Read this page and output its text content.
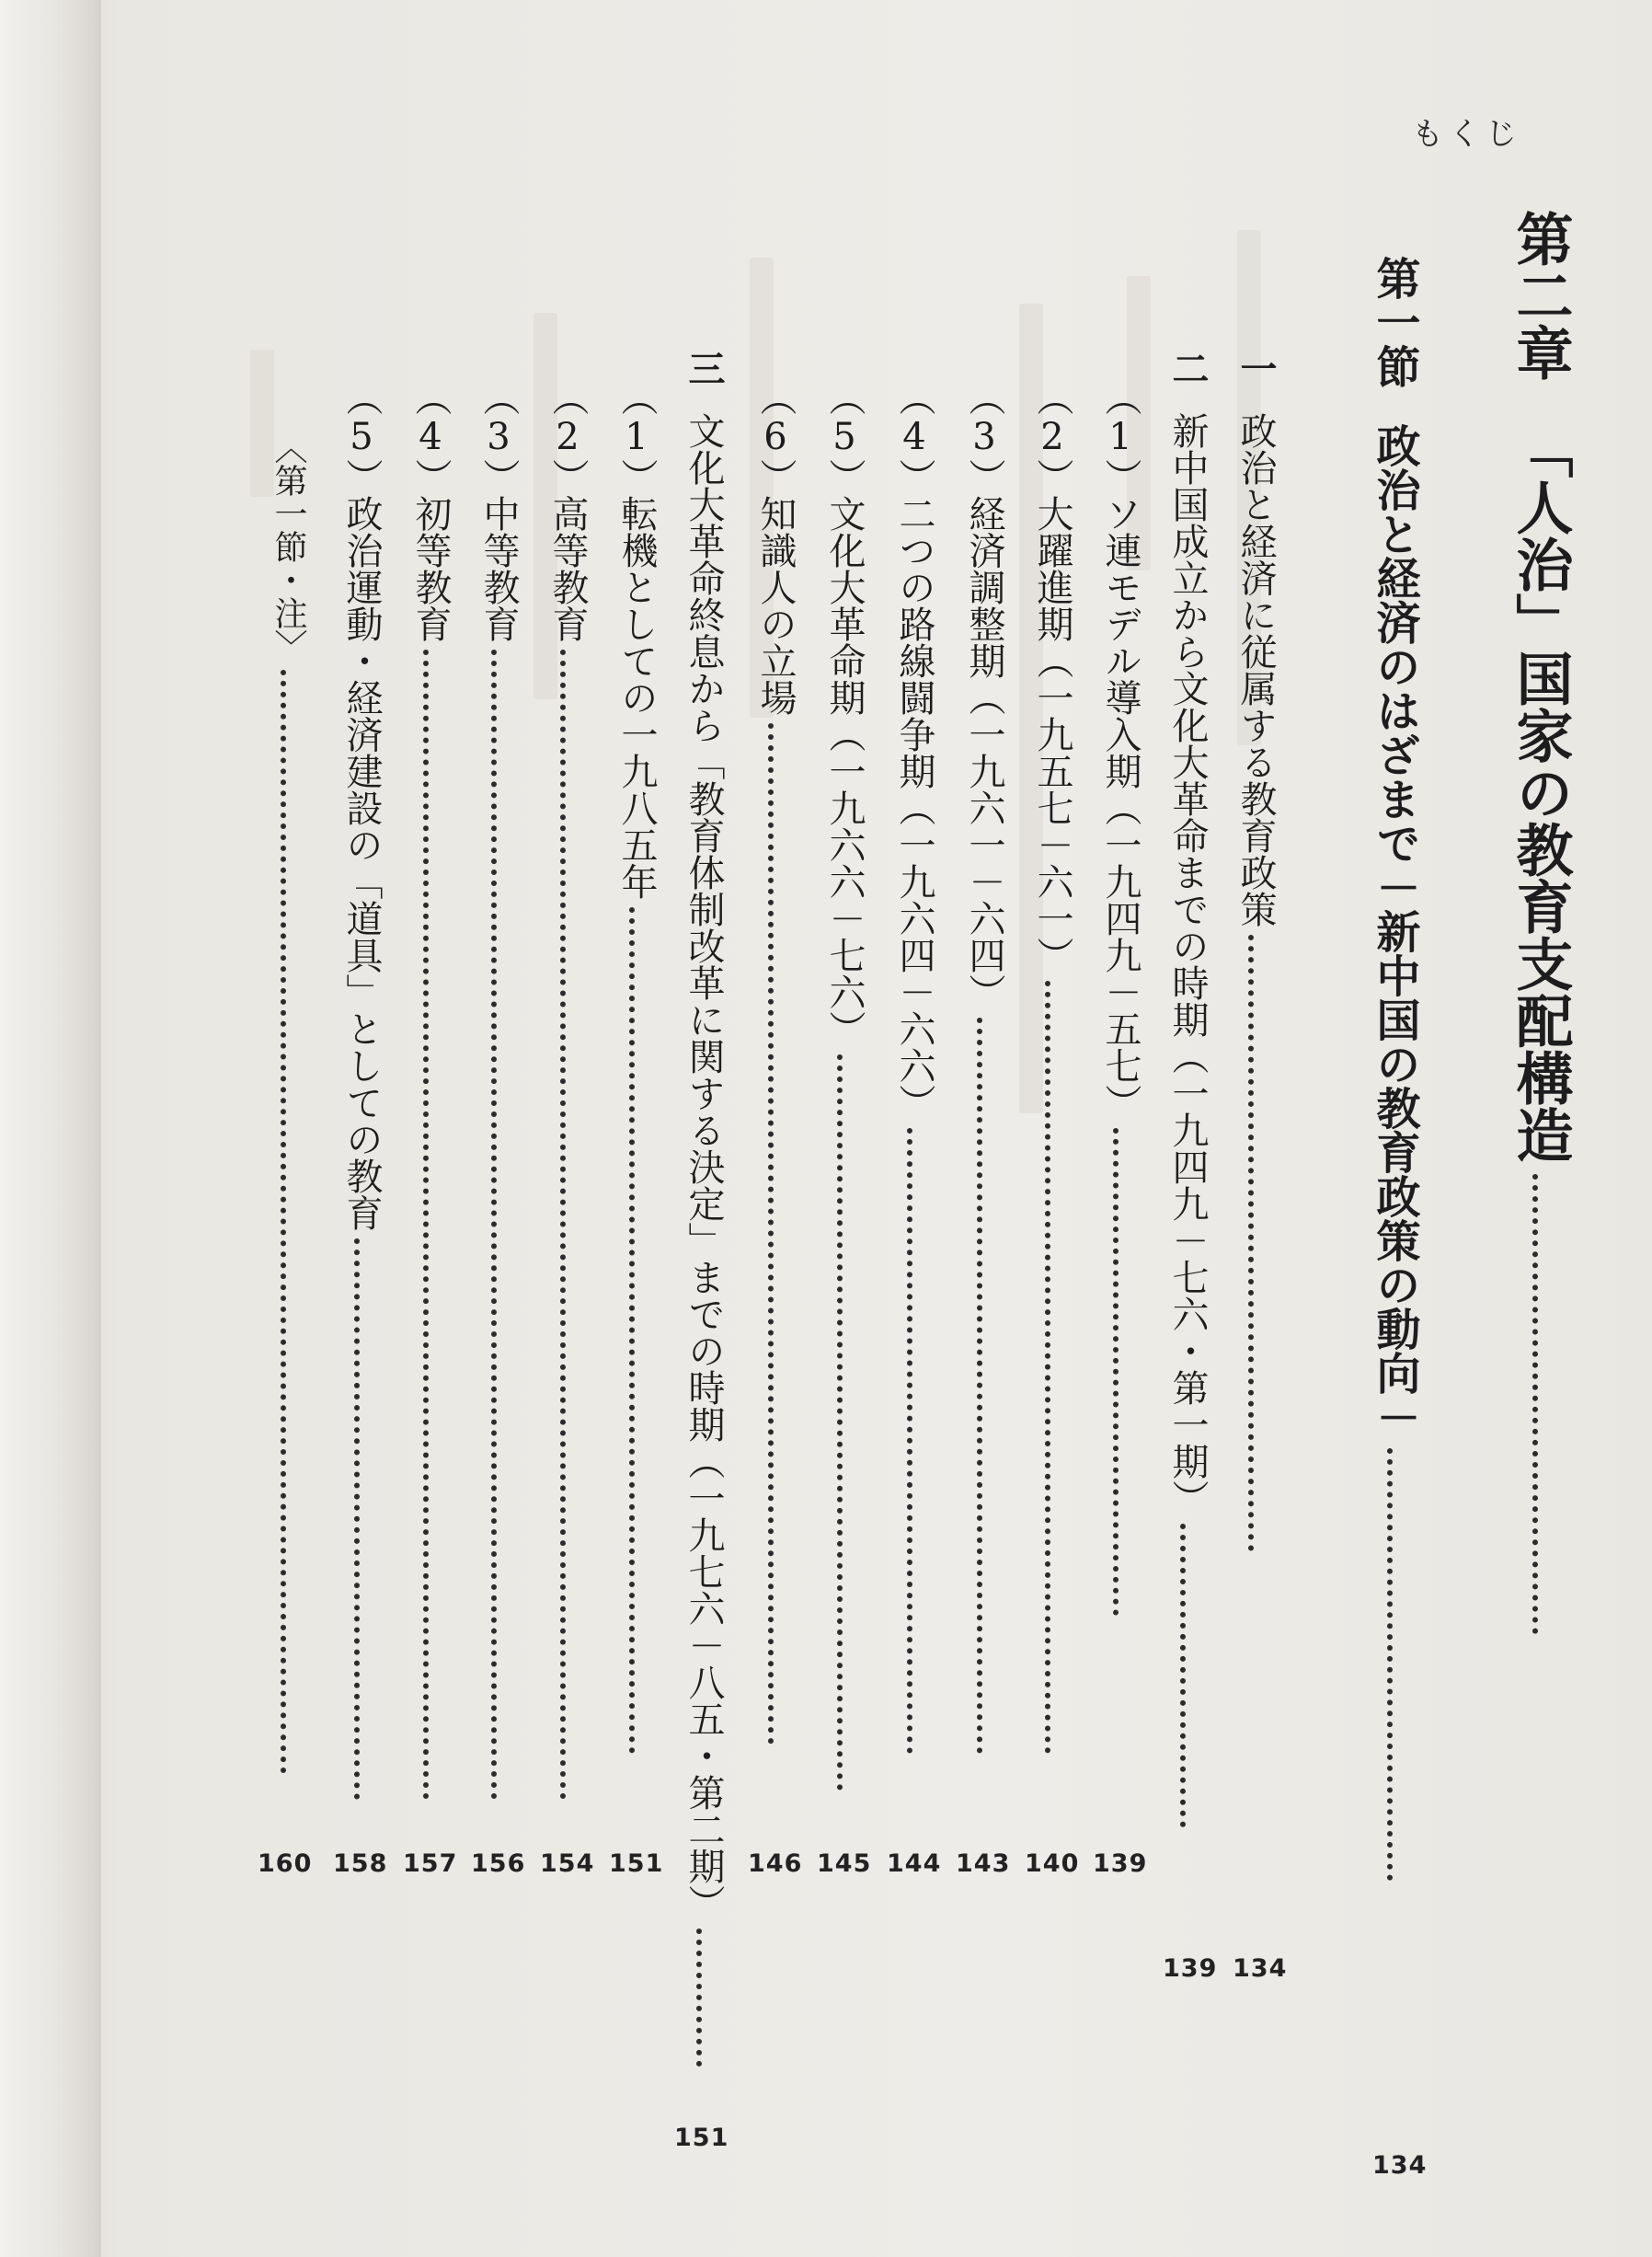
もくじ
第二章「人治」国家の教育支配構造
第一節政治と経済のはざまで－新中国の教育政策の動向－
134
一政治と経済に従属する教育政策
134
二新中国成立から文化大革命までの時期（一九四九－七六・第一期）
139
（1）ソ連モデル導入期（一九四九－五七）
139
（2）大躍進期（一九五七－六一）
140
（3）経済調整期（一九六一－六四）
143
（4）二つの路線闘争期（一九六四－六六）
144
（5）文化大革命期（一九六六－七六）
145
（6）知識人の立場
146
三文化大革命終息から「教育体制改革に関する決定」までの時期（一九七六－八五・第二期）
151
（1）転機としての一九八五年
151
（2）高等教育
154
（3）中等教育
156
（4）初等教育
157
（5）政治運動・経済建設の「道具」としての教育
158
〈第一節・注〉
160
